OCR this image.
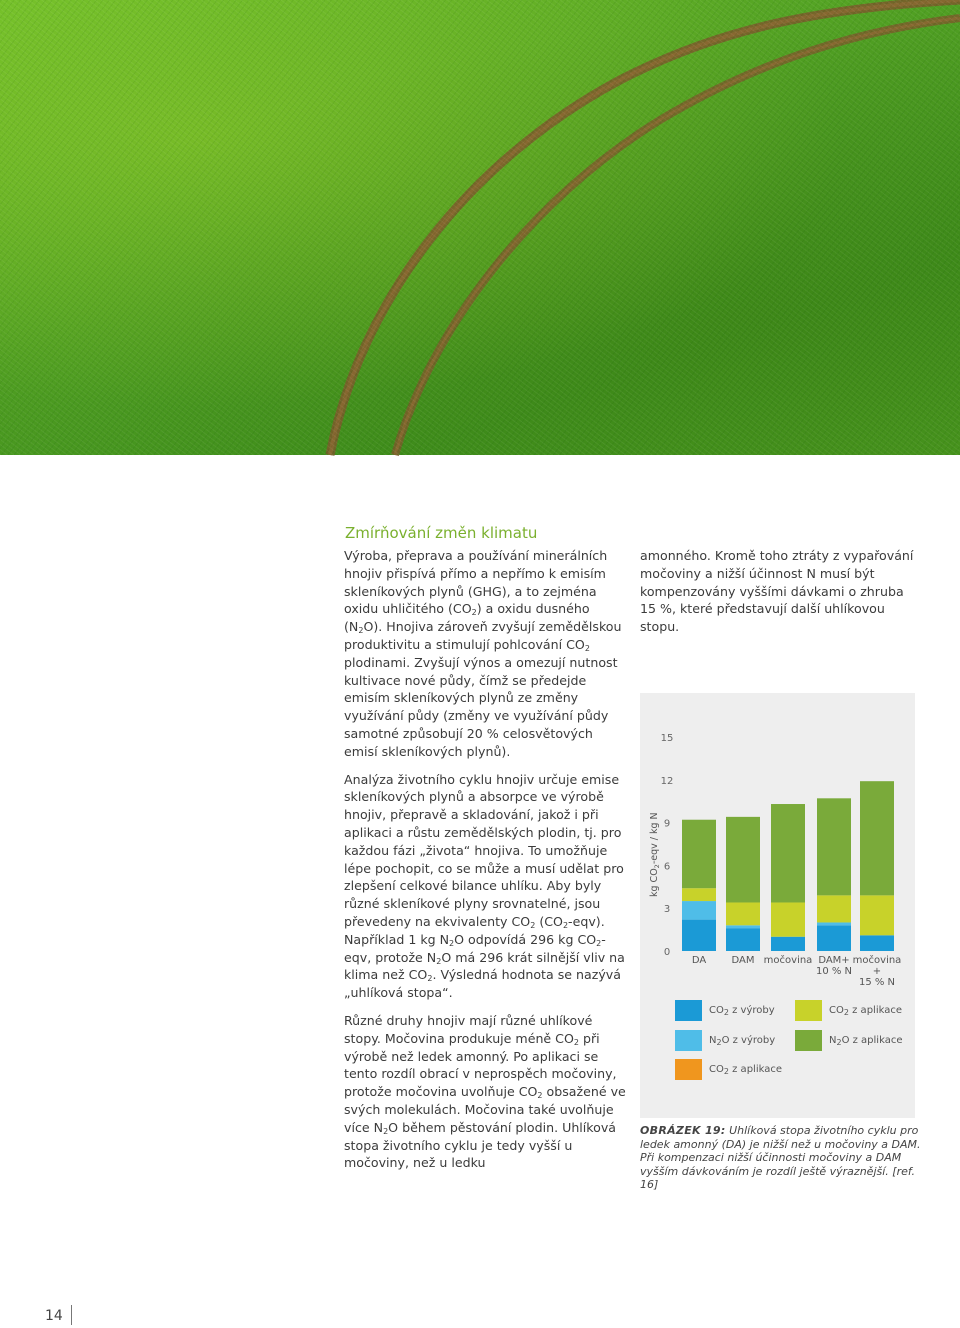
Zmírňování změn klimatu

Výroba, přeprava a používání minerálních hnojiv přispívá přímo a nepřímo k emisím skleníkových plynů (GHG), a to zejména oxidu uhličitého $(CO_2)$ a oxidu dusného $(N_2O)$. Hnojiva zároveň zvyšují zemědělskou produktivitu a stimulují pohlcování $CO_2$ plodinami. Zvyšují výnos a omezují nutnost kultivace nové půdy, čímž se předejde emisím skleníkových plynů ze změny využívání půdy (změny ve využívání půdy samotné způsobují 20 % celosvětových emisí skleníkových plynů).

Analýza životního cyklu hnojiv určuje emise skleníkových plynů a absorpce ve výrobě hnojiv, přepravě a skladování, jakož i při aplikaci a růstu zemědělských plodin, tj. pro každou fázi „života“ hnojiva. To umožňuje lépe pochopit, co se může a musí udělat pro zlepšení celkové bilance uhlíku. Aby byly různé skleníkové plyny srovnatelné, jsou převedeny na ekvivalenty $CO_2$ $(CO_2-eqv)$. Například 1 kg $N_2O$ odpovídá 296 kg $CO_2$-eqv, protože $N_2O$ má 296 krát silnější vliv na klima než $CO_2$. Výsledná hodnota se nazývá „uhlíková stopa“.

Různé druhy hnojiv mají různé uhlíkové stopy. Močovina produkuje méně $CO_2$ při výrobě než ledek amonný. Po aplikaci se tento rozdíl obrací v neprospěch močoviny, protože močovina uvolňuje $CO_2$ obsažené ve svých molekulách. Močovina také uvolňuje více $N_2O$ během pěstování plodin. Uhlíková stopa životního cyklu je tedy vyšší u močoviny, než u ledku

amonného. Kromě toho ztráty z vypařování močoviny a nižší účinnost N musí být kompenzovány vyššími dávkami o zhruba 15 %, které představují další uhlíkovou stopu.

0
3
6
9
12
15
kg $CO_2$-eqv / kg N
DA	DAM močovina DAM+
10 % N
močovina
+
15 % N
$CO_2$ z výroby	$CO_2$ z aplikace
$N_2O$ z výroby	$N_2O$ z aplikace
$CO_2$ z aplikace
OBRÁZEK 19: Uhlíková stopa životního cyklu pro ledek amonný (DA) je nižší než u močoviny a DAM. Při kompenzaci nižší účinnosti močoviny a DAM vyšším dávkováním je rozdíl ještě výraznější. [ref. 16]
14
